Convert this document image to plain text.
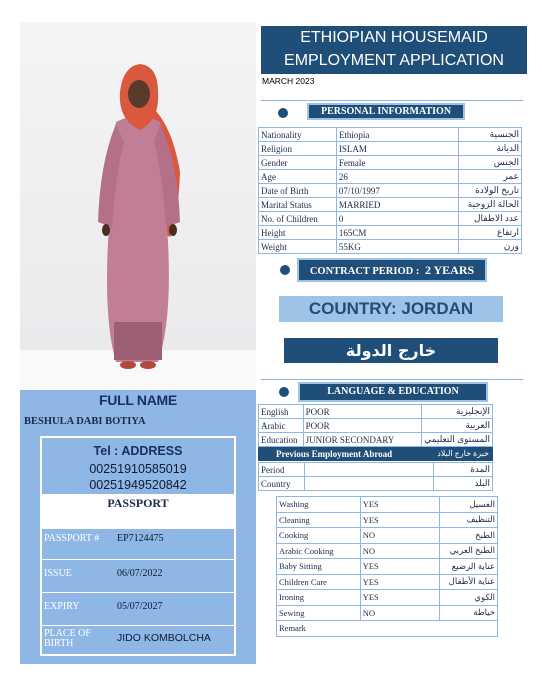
FULL NAME
BESHULA DABI BOTIYA
Tel : ADDRESS
00251910585019
00251949520842
PASSPORT
PASSPORT # EP7124475
ISSUE	06/07/2022
EXPIRY	05/07/2027
PLACE OF BIRTH	JIDO KOMBOLCHA
ETHIOPIAN HOUSEMAID EMPLOYMENT APPLICATION
MARCH 2023
PERSONAL INFORMATION
Nationality	Ethiopia	الجنسية
Religion	ISLAM	الديانة
Gender	Female	الجنس
Age	26	عمر
Date of Birth	07/10/1997	تاريخ الولادة
Marital Status	MARRIED	الحالة الزوجية
No. of Children	0	عدد الاطفال
Height	165CM	ارتفاع
Weight	55KG	وزن
CONTRACT PERIOD : 2 YEARS
COUNTRY: JORDAN
خارج الدولة
LANGUAGE & EDUCATION
English	POOR	الإنجليزية
Arabic	POOR	العربية
Education	JUNIOR SECONDARY	المستوى التعليمي
Previous Employment Abroad	خبرة خارج البلاد
Period		المدة
Country		البلد
Washing	YES	الغسيل
Cleaning	YES	التنظيف
Cooking	NO	الطبخ
Arabic Cooking	NO	الطبخ العربي
Baby Sitting	YES	عناية الرضيع
Children Care	YES	عناية الأطفال
Ironing	YES	الكوي
Sewing	NO	خياطة
Remark		
